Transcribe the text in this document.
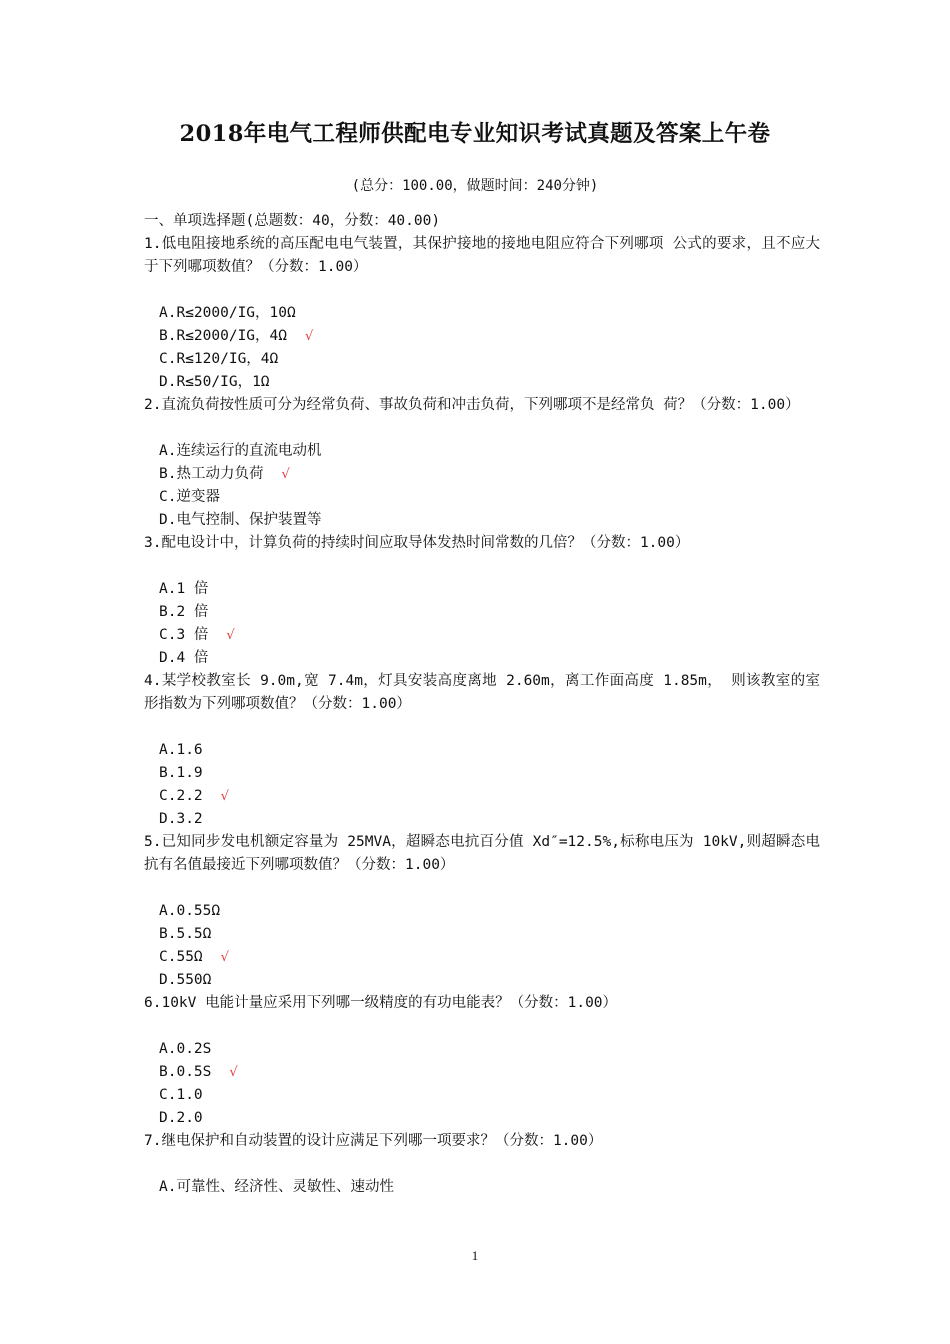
2018年电气工程师供配电专业知识考试真题及答案上午卷
(总分：100.00，做题时间：240分钟)
一、单项选择题(总题数：40，分数：40.00)
1.低电阻接地系统的高压配电电气装置，其保护接地的接地电阻应符合下列哪项 公式的要求，且不应大于下列哪项数值？（分数：1.00）
A.R≤2000/IG，10Ω
B.R≤2000/IG，4Ω √
C.R≤120/IG，4Ω
D.R≤50/IG，1Ω
2.直流负荷按性质可分为经常负荷、事故负荷和冲击负荷，下列哪项不是经常负 荷？（分数：1.00）
A.连续运行的直流电动机
B.热工动力负荷 √
C.逆变器
D.电气控制、保护装置等
3.配电设计中，计算负荷的持续时间应取导体发热时间常数的几倍？（分数：1.00）
A.1 倍
B.2 倍
C.3 倍 √
D.4 倍
4.某学校教室长 9.0m,宽 7.4m，灯具安装高度离地 2.60m，离工作面高度 1.85m， 则该教室的室形指数为下列哪项数值？（分数：1.00）
A.1.6
B.1.9
C.2.2 √
D.3.2
5.已知同步发电机额定容量为 25MVA，超瞬态电抗百分值 Xd″=12.5%,标称电压为 10kV,则超瞬态电抗有名值最接近下列哪项数值？（分数：1.00）
A.0.55Ω
B.5.5Ω
C.55Ω √
D.550Ω
6.10kV 电能计量应采用下列哪一级精度的有功电能表？（分数：1.00）
A.0.2S
B.0.5S √
C.1.0
D.2.0
7.继电保护和自动装置的设计应满足下列哪一项要求？（分数：1.00）
A.可靠性、经济性、灵敏性、速动性
1
